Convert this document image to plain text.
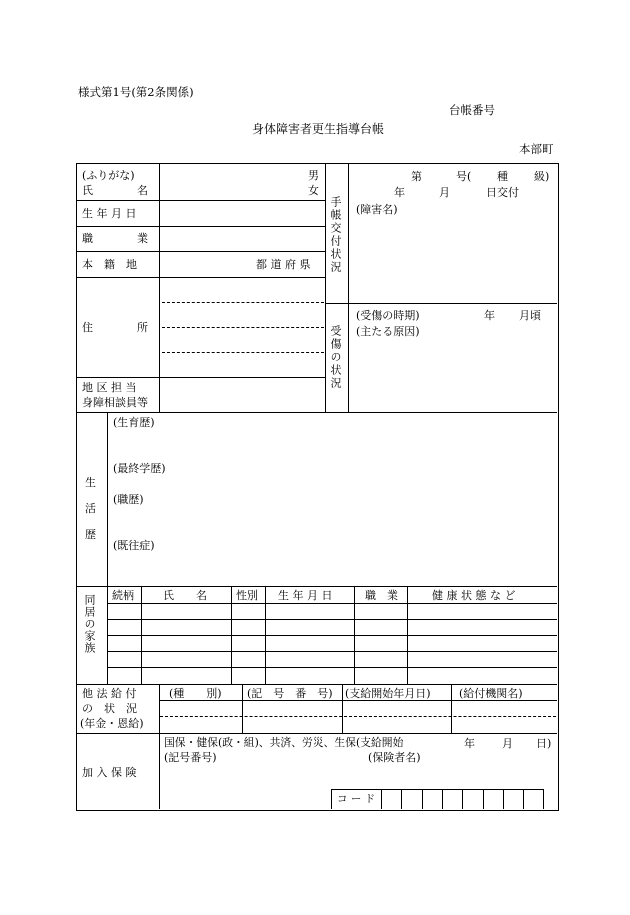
様式第1号(第2条関係)
台帳番号
身体障害者更生指導台帳
本部町
(ふりがな)
氏　　　　名
男
女
生 年 月 日
職　　　　業
本　籍　地	都 道 府 県
住　　　　所
地 区 担 当
身障相談員等
手帳交付状況
第	号( 種 級)
年	月	日交付
(障害名)
受傷の状況
(受傷の時期)	年 月頃
(主たる原因)
生
活
歴
(生育歴)
(最終学歴)
(職歴)
(既往症)
同居の家族 続柄	氏　　名	性別 生 年 月 日	職　業	健 康 状 態 な ど
他 法 給 付
の　状　況
(年金・恩給)
(種　　別) (記　号　番　号) (支給開始年月日)	(給付機関名)
加 入 保 険
国保・健保(政・組)、共済、労災、生保(支給開始	年 月 日)
(記号番号)	(保険者名)
コ ー ド
